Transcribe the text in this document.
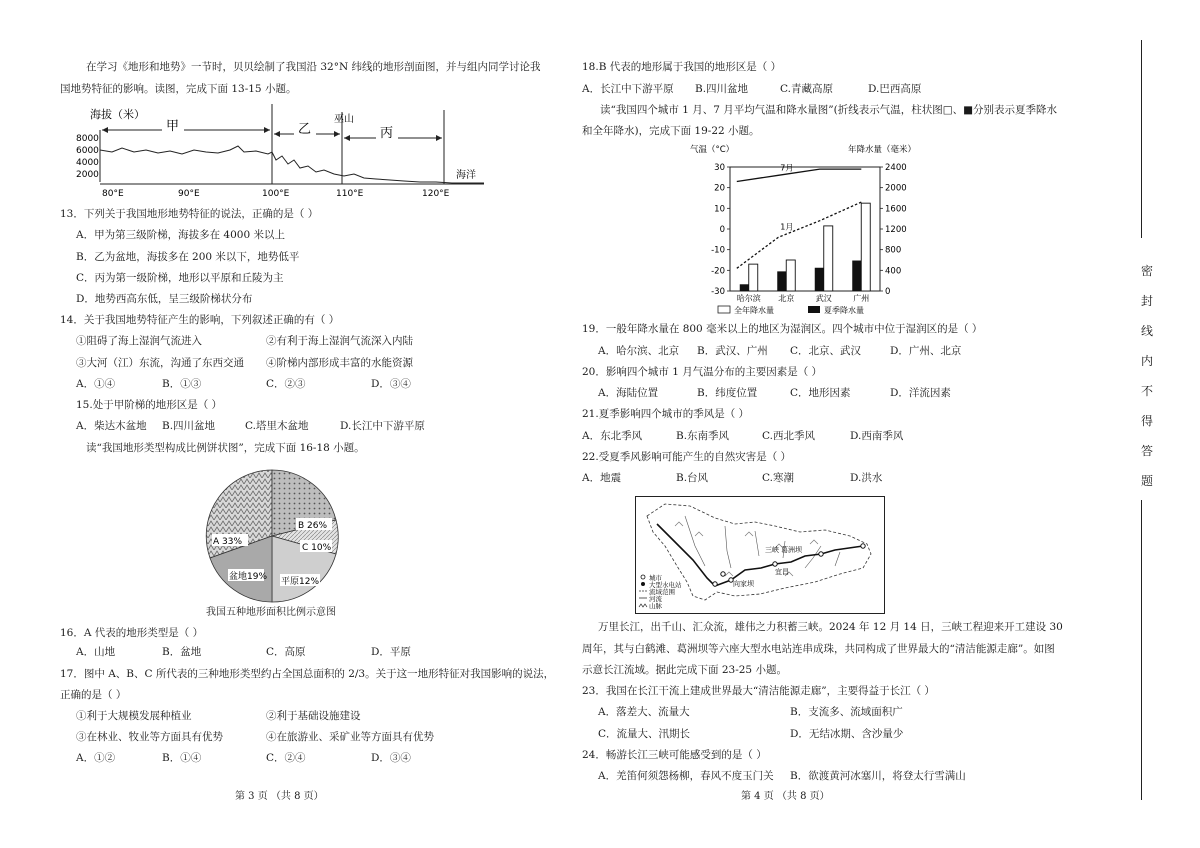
在学习《地形和地势》一节时，贝贝绘制了我国沿 32°N 纬线的地形剖面图，并与组内同学讨论我
国地势特征的影响。读图，完成下面 13-15 小题。
海拔（米）
8000
6000
4000
2000
甲	乙
巫山
丙
海洋
80°E	90°E	100°E	110°E	120°E
13．下列关于我国地形地势特征的说法，正确的是（ ）
A．甲为第三级阶梯，海拔多在 4000 米以上
B．乙为盆地，海拔多在 200 米以下，地势低平
C．丙为第一级阶梯，地形以平原和丘陵为主
D．地势西高东低，呈三级阶梯状分布
14．关于我国地势特征产生的影响，下列叙述正确的有（ ）
①阻碍了海上湿润气流进入	②有利于海上湿润气流深入内陆
③大河（江）东流，沟通了东西交通 ④阶梯内部形成丰富的水能资源
A．①④	B．①③	C．②③	D．③④
15.处于甲阶梯的地形区是（ ）
A．柴达木盆地 B.四川盆地	C.塔里木盆地	D.长江中下游平原
读“我国地形类型构成比例饼状图”，完成下面 16-18 小题。
A 33%
B 26%
C 10%
盆地19% 平原12%
我国五种地形面积比例示意图
16．A 代表的地形类型是（ ）
A．山地	B．盆地	C．高原	D．平原
17．图中 A、B、C 所代表的三种地形类型约占全国总面积的 2/3。关于这一地形特征对我国影响的说法，
正确的是（ ）
①利于大规模发展种植业	②利于基础设施建设
③在林业、牧业等方面具有优势	④在旅游业、采矿业等方面具有优势
A．①②	B．①④	C．②④	D．③④
第 3 页 （共 8 页）
18.B 代表的地形属于我国的地形区是（ ）
A．长江中下游平原 B.四川盆地	C.青藏高原	D.巴西高原
读“我国四个城市 1 月、7 月平均气温和降水量图”(折线表示气温，柱状图□、■分别表示夏季降水
和全年降水)，完成下面 19-22 小题。
气温（°C）	年降水量（毫米）
哈尔滨 北京	武汉	广州
7月
1月
30
20
10
0
-10
-20
-30
2400
2000
1600
1200
800
400
0
全年降水量	夏季降水量
19．一般年降水量在 800 毫米以上的地区为湿润区。四个城市中位于湿润区的是（ ）
A．哈尔滨、北京 B．武汉、广州 C．北京、武汉	D．广州、北京
20．影响四个城市 1 月气温分布的主要因素是（ ）
A．海陆位置	B．纬度位置	C．地形因素	D．洋流因素
21.夏季影响四个城市的季风是（ ）
A．东北季风	B.东南季风	C.西北季风	D.西南季风
22.受夏季风影响可能产生的自然灾害是（ ）
A．地震	B.台风	C.寒潮	D.洪水
三峡 葛洲坝
宜昌
向家坝
城市
大型水电站
流域范围
河流
山脉
万里长江，出千山、汇众流，雄伟之力积蓄三峡。2024 年 12 月 14 日，三峡工程迎来开工建设 30
周年，其与白鹤滩、葛洲坝等六座大型水电站连串成珠，共同构成了世界最大的“清洁能源走廊”。如图
示意长江流域。据此完成下面 23-25 小题。
23．我国在长江干流上建成世界最大“清洁能源走廊”，主要得益于长江（ ）
A．落差大、流量大	B．支流多、流域面积广
C．流量大、汛期长	D．无结冰期、含沙量少
24．畅游长江三峡可能感受到的是（ ）
A．羌笛何须怨杨柳，春风不度玉门关 B．欲渡黄河冰塞川，将登太行雪满山
第 4 页 （共 8 页）
密
封
线
内
不
得
答
题
